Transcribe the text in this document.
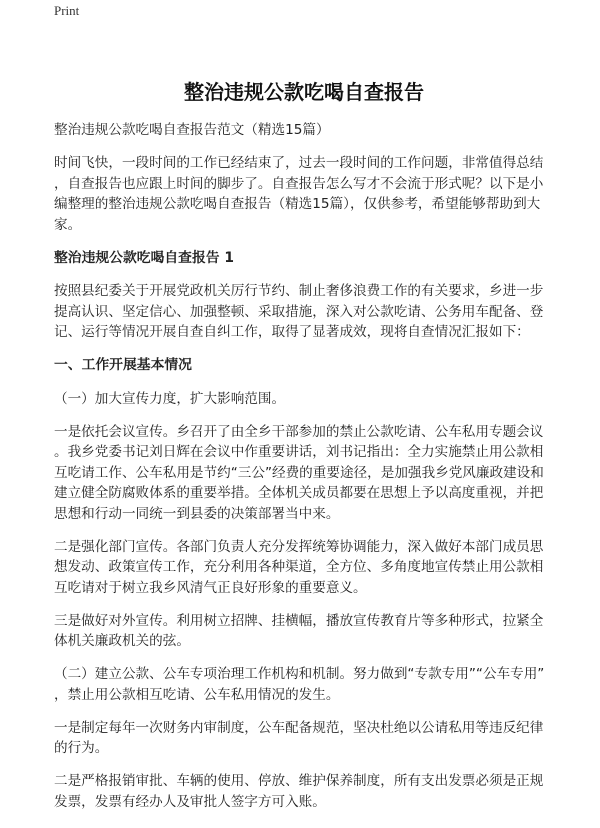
Print
整治违规公款吃喝自查报告
整治违规公款吃喝自查报告范文（精选15篇）
时间飞快，一段时间的工作已经结束了，过去一段时间的工作问题，非常值得总结
，自查报告也应跟上时间的脚步了。自查报告怎么写才不会流于形式呢？以下是小
编整理的整治违规公款吃喝自查报告（精选15篇），仅供参考，希望能够帮助到大
家。
整治违规公款吃喝自查报告 1
按照县纪委关于开展党政机关厉行节约、制止奢侈浪费工作的有关要求，乡进一步
提高认识、坚定信心、加强整顿、采取措施，深入对公款吃请、公务用车配备、登
记、运行等情况开展自查自纠工作，取得了显著成效，现将自查情况汇报如下：
一、工作开展基本情况
（一）加大宣传力度，扩大影响范围。
一是依托会议宣传。乡召开了由全乡干部参加的禁止公款吃请、公车私用专题会议
。我乡党委书记刘日辉在会议中作重要讲话，刘书记指出：全力实施禁止用公款相
互吃请工作、公车私用是节约“三公”经费的重要途径，是加强我乡党风廉政建设和
建立健全防腐败体系的重要举措。全体机关成员都要在思想上予以高度重视，并把
思想和行动一同统一到县委的决策部署当中来。
二是强化部门宣传。各部门负责人充分发挥统筹协调能力，深入做好本部门成员思
想发动、政策宣传工作，充分利用各种渠道，全方位、多角度地宣传禁止用公款相
互吃请对于树立我乡风清气正良好形象的重要意义。
三是做好对外宣传。利用树立招牌、挂横幅，播放宣传教育片等多种形式，拉紧全
体机关廉政机关的弦。
（二）建立公款、公车专项治理工作机构和机制。努力做到“专款专用”“公车专用”
，禁止用公款相互吃请、公车私用情况的发生。
一是制定每年一次财务内审制度，公车配备规范，坚决杜绝以公请私用等违反纪律
的行为。
二是严格报销审批、车辆的使用、停放、维护保养制度，所有支出发票必须是正规
发票，发票有经办人及审批人签字方可入账。
